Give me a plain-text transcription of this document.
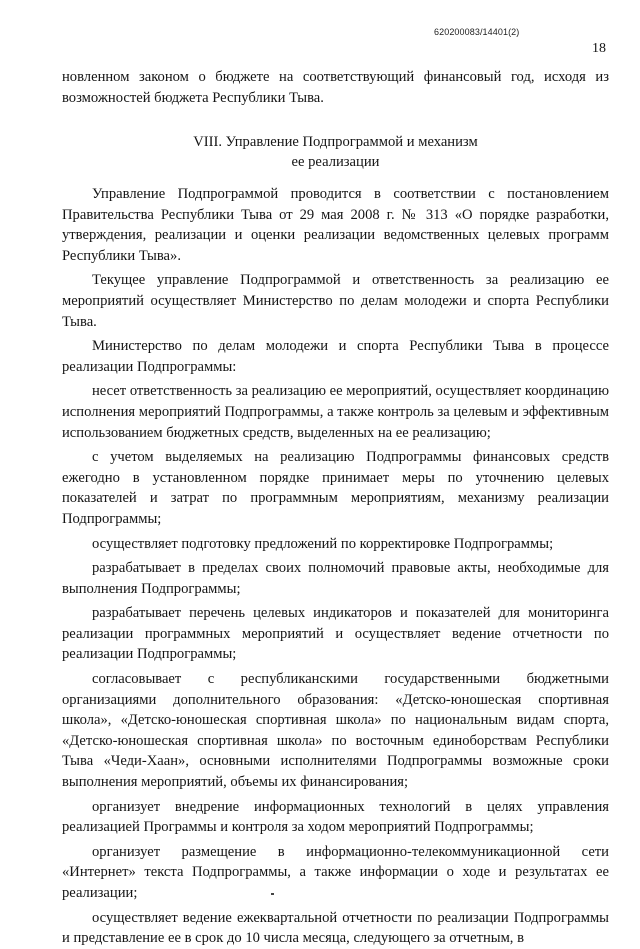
620200083/14401(2)
18

новленном законом о бюджете на соответствующий финансовый год, исходя из

возможностей бюджета Республики Тыва.

VIII. Управление Подпрограммой и механизм
ее реализации

Управление Подпрограммой проводится в соответствии с постановлением Правительства Республики Тыва от 29 мая 2008 г. № 313 «О порядке разработки, утверждения, реализации и оценки реализации ведомственных целевых программ Республики Тыва».

Текущее управление Подпрограммой и ответственность за реализацию ее мероприятий осуществляет Министерство по делам молодежи и спорта Республики Тыва.

Министерство по делам молодежи и спорта Республики Тыва в процессе реализации Подпрограммы:

несет ответственность за реализацию ее мероприятий, осуществляет координацию исполнения мероприятий Подпрограммы, а также контроль за целевым и эффективным использованием бюджетных средств, выделенных на ее реализацию;

с учетом выделяемых на реализацию Подпрограммы финансовых средств ежегодно в установленном порядке принимает меры по уточнению целевых показателей и затрат по программным мероприятиям, механизму реализации Подпрограммы;

осуществляет подготовку предложений по корректировке Подпрограммы;

разрабатывает в пределах своих полномочий правовые акты, необходимые для выполнения Подпрограммы;

разрабатывает перечень целевых индикаторов и показателей для мониторинга реализации программных мероприятий и осуществляет ведение отчетности по реализации Подпрограммы;

согласовывает с республиканскими государственными бюджетными организациями дополнительного образования: «Детско-юношеская спортивная школа», «Детско-юношеская спортивная школа» по национальным видам спорта, «Детско-юношеская спортивная школа» по восточным единоборствам Республики Тыва «Чеди-Хаан», основными исполнителями Подпрограммы возможные сроки выполнения мероприятий, объемы их финансирования;

организует внедрение информационных технологий в целях управления реализацией Программы и контроля за ходом мероприятий Подпрограммы;

организует размещение в информационно-телекоммуникационной сети «Интернет» текста Подпрограммы, а также информации о ходе и результатах ее реализации;

осуществляет ведение ежеквартальной отчетности по реализации Подпрограммы и представление ее в срок до 10 числа месяца, следующего за отчетным, в
